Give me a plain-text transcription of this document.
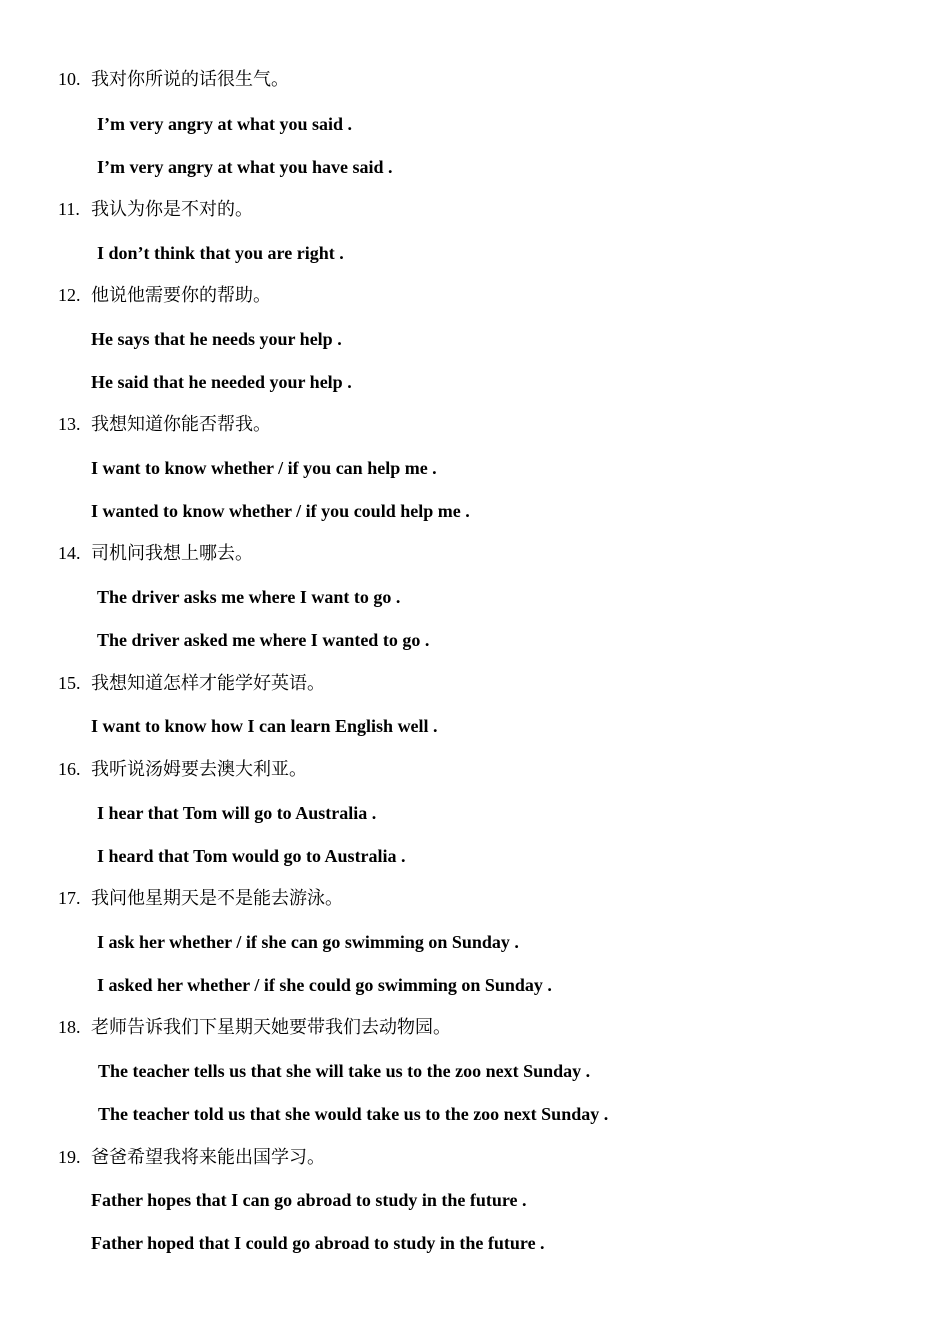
10. 我对你所说的话很生气。
I’m very angry at what you said .
I’m very angry at what you have said .
11. 我认为你是不对的。
I don’t think that you are right .
12. 他说他需要你的帮助。
He says that he needs your help .
He said that he needed your help .
13. 我想知道你能否帮我。
I want to know whether / if you can help me .
I wanted to know whether / if you could help me .
14. 司机问我想上哪去。
The driver asks me where I want to go .
The driver asked me where I wanted to go .
15. 我想知道怎样才能学好英语。
I want to know how I can learn English well .
16. 我听说汤姆要去澳大利亚。
I hear that Tom will go to Australia .
I heard that Tom would go to Australia .
17. 我问他星期天是不是能去游泳。
I ask her whether / if she can go swimming on Sunday .
I asked her whether / if she could go swimming on Sunday .
18. 老师告诉我们下星期天她要带我们去动物园。
The teacher tells us that she will take us to the zoo next Sunday .
The teacher told us that she would take us to the zoo next Sunday .
19. 爸爸希望我将来能出国学习。
Father hopes that I can go abroad to study in the future .
Father hoped that I could go abroad to study in the future .
